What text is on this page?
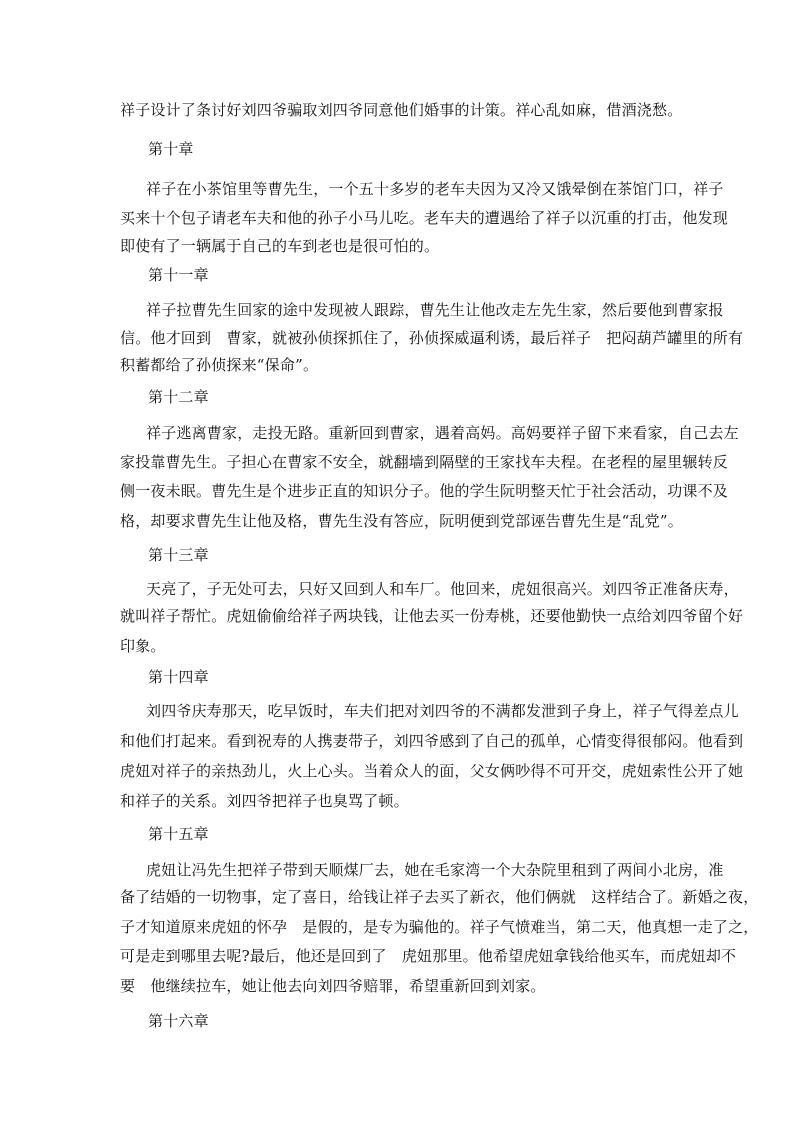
祥子设计了条讨好刘四爷骗取刘四爷同意他们婚事的计策。祥心乱如麻，借酒浇愁。
第十章
祥子在小茶馆里等曹先生，一个五十多岁的老车夫因为又冷又饿晕倒在茶馆门口，祥子
买来十个包子请老车夫和他的孙子小马儿吃。老车夫的遭遇给了祥子以沉重的打击，他发现
即使有了一辆属于自己的车到老也是很可怕的。
第十一章
祥子拉曹先生回家的途中发现被人跟踪，曹先生让他改走左先生家，然后要他到曹家报
信。他才回到　曹家，就被孙侦探抓住了，孙侦探威逼利诱，最后祥子　把闷葫芦罐里的所有
积蓄都给了孙侦探来“保命”。
第十二章
祥子逃离曹家，走投无路。重新回到曹家，遇着高妈。高妈要祥子留下来看家，自己去左
家投靠曹先生。子担心在曹家不安全，就翻墙到隔壁的王家找车夫程。在老程的屋里辗转反
侧一夜未眠。曹先生是个进步正直的知识分子。他的学生阮明整天忙于社会活动，功课不及
格，却要求曹先生让他及格，曹先生没有答应，阮明便到党部诬告曹先生是“乱党”。
第十三章
天亮了，子无处可去，只好又回到人和车厂。他回来，虎妞很高兴。刘四爷正准备庆寿，
就叫祥子帮忙。虎妞偷偷给祥子两块钱，让他去买一份寿桃，还要他勤快一点给刘四爷留个好
印象。
第十四章
刘四爷庆寿那天，吃早饭时，车夫们把对刘四爷的不满都发泄到子身上，祥子气得差点儿
和他们打起来。看到祝寿的人携妻带子，刘四爷感到了自己的孤单，心情变得很郁闷。他看到
虎妞对祥子的亲热劲儿，火上心头。当着众人的面，父女俩吵得不可开交，虎妞索性公开了她
和祥子的关系。刘四爷把祥子也臭骂了顿。
第十五章
虎妞让冯先生把祥子带到天顺煤厂去，她在毛家湾一个大杂院里租到了两间小北房，准
备了结婚的一切物事，定了喜日，给钱让祥子去买了新衣，他们俩就　这样结合了。新婚之夜，
子才知道原来虎妞的怀孕　是假的，是专为骗他的。祥子气愤难当，第二天，他真想一走了之，
可是走到哪里去呢?最后，他还是回到了　虎妞那里。他希望虎妞拿钱给他买车，而虎妞却不
要　他继续拉车，她让他去向刘四爷赔罪，希望重新回到刘家。
第十六章
